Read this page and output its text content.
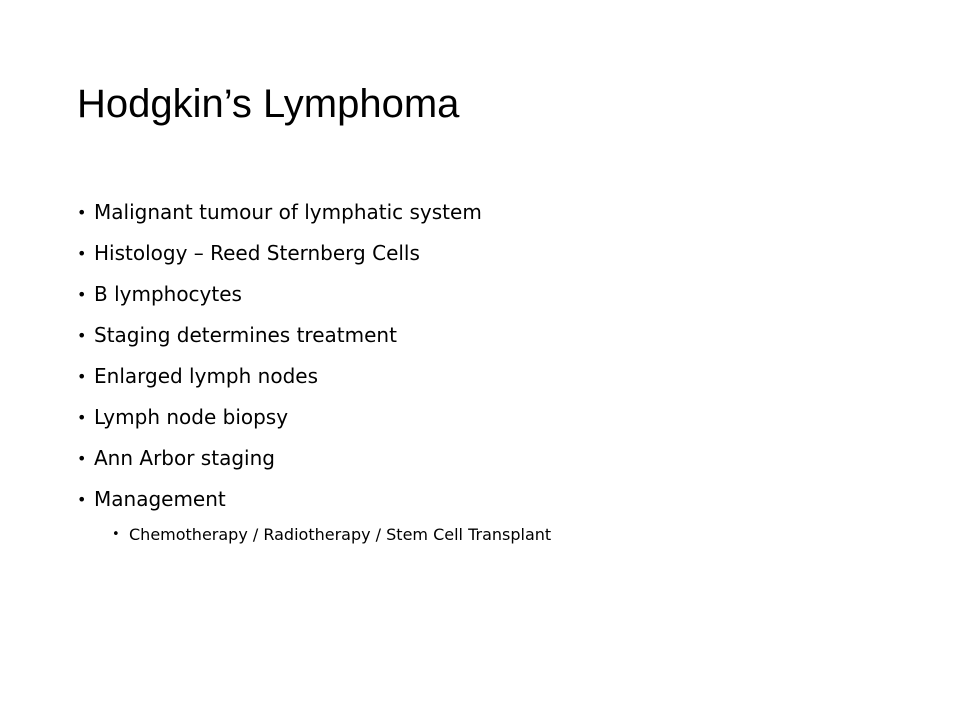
Hodgkin’s Lymphoma
• Malignant tumour of lymphatic system
• Histology – Reed Sternberg Cells
• B lymphocytes
• Staging determines treatment
• Enlarged lymph nodes
• Lymph node biopsy
• Ann Arbor staging
• Management
• Chemotherapy / Radiotherapy / Stem Cell Transplant
